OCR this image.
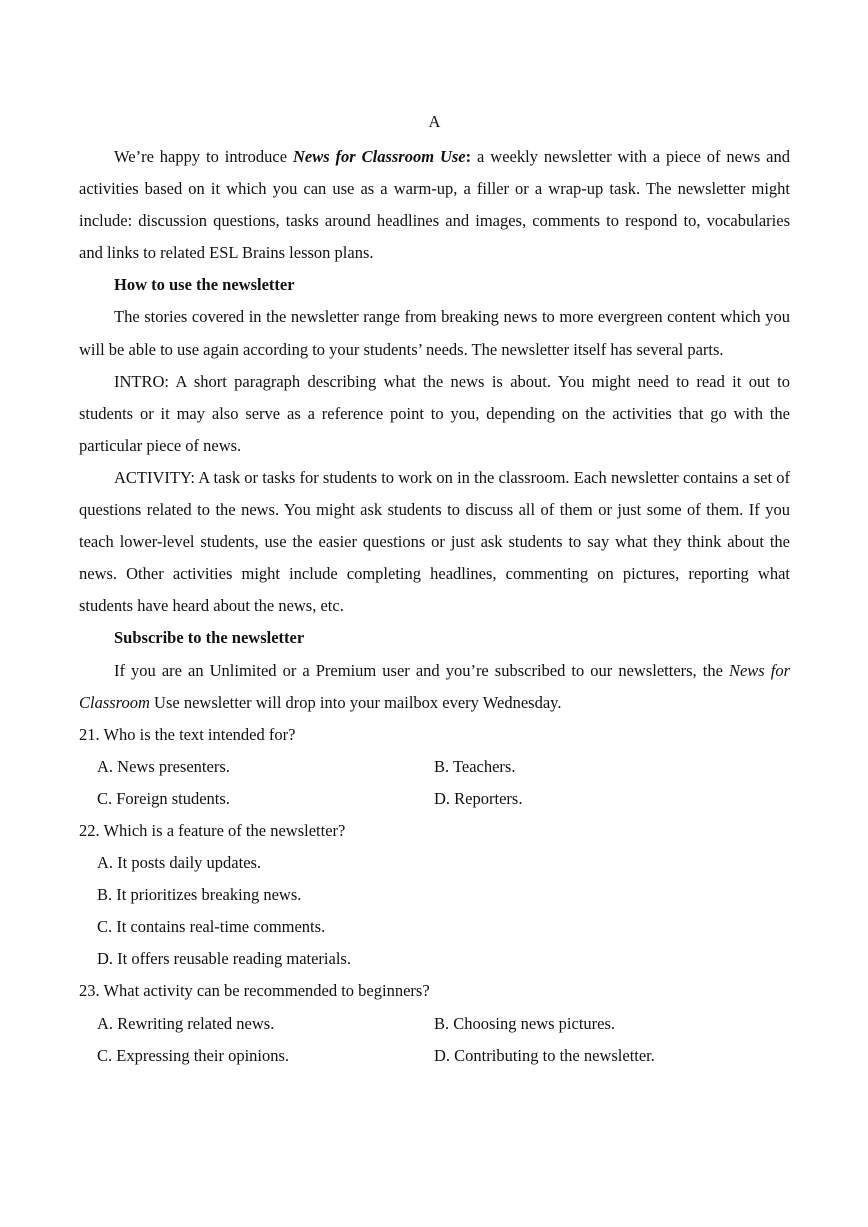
A

We’re happy to introduce News for Classroom Use: a weekly newsletter with a piece of news and activities based on it which you can use as a warm-up, a filler or a wrap-up task. The newsletter might include: discussion questions, tasks around headlines and images, comments to respond to, vocabularies and links to related ESL Brains lesson plans.

How to use the newsletter

The stories covered in the newsletter range from breaking news to more evergreen content which you will be able to use again according to your students’ needs. The newsletter itself has several parts.

INTRO: A short paragraph describing what the news is about. You might need to read it out to students or it may also serve as a reference point to you, depending on the activities that go with the particular piece of news.

ACTIVITY: A task or tasks for students to work on in the classroom. Each newsletter contains a set of questions related to the news. You might ask students to discuss all of them or just some of them. If you teach lower-level students, use the easier questions or just ask students to say what they think about the news. Other activities might include completing headlines, commenting on pictures, reporting what students have heard about the news, etc.

Subscribe to the newsletter

If you are an Unlimited or a Premium user and you’re subscribed to our newsletters, the News for Classroom Use newsletter will drop into your mailbox every Wednesday.

21. Who is the text intended for?
A. News presenters.	B. Teachers.
C. Foreign students.	D. Reporters.
22. Which is a feature of the newsletter?
A. It posts daily updates.
B. It prioritizes breaking news.
C. It contains real-time comments.
D. It offers reusable reading materials.
23. What activity can be recommended to beginners?
A. Rewriting related news.	B. Choosing news pictures.
C. Expressing their opinions.	D. Contributing to the newsletter.
